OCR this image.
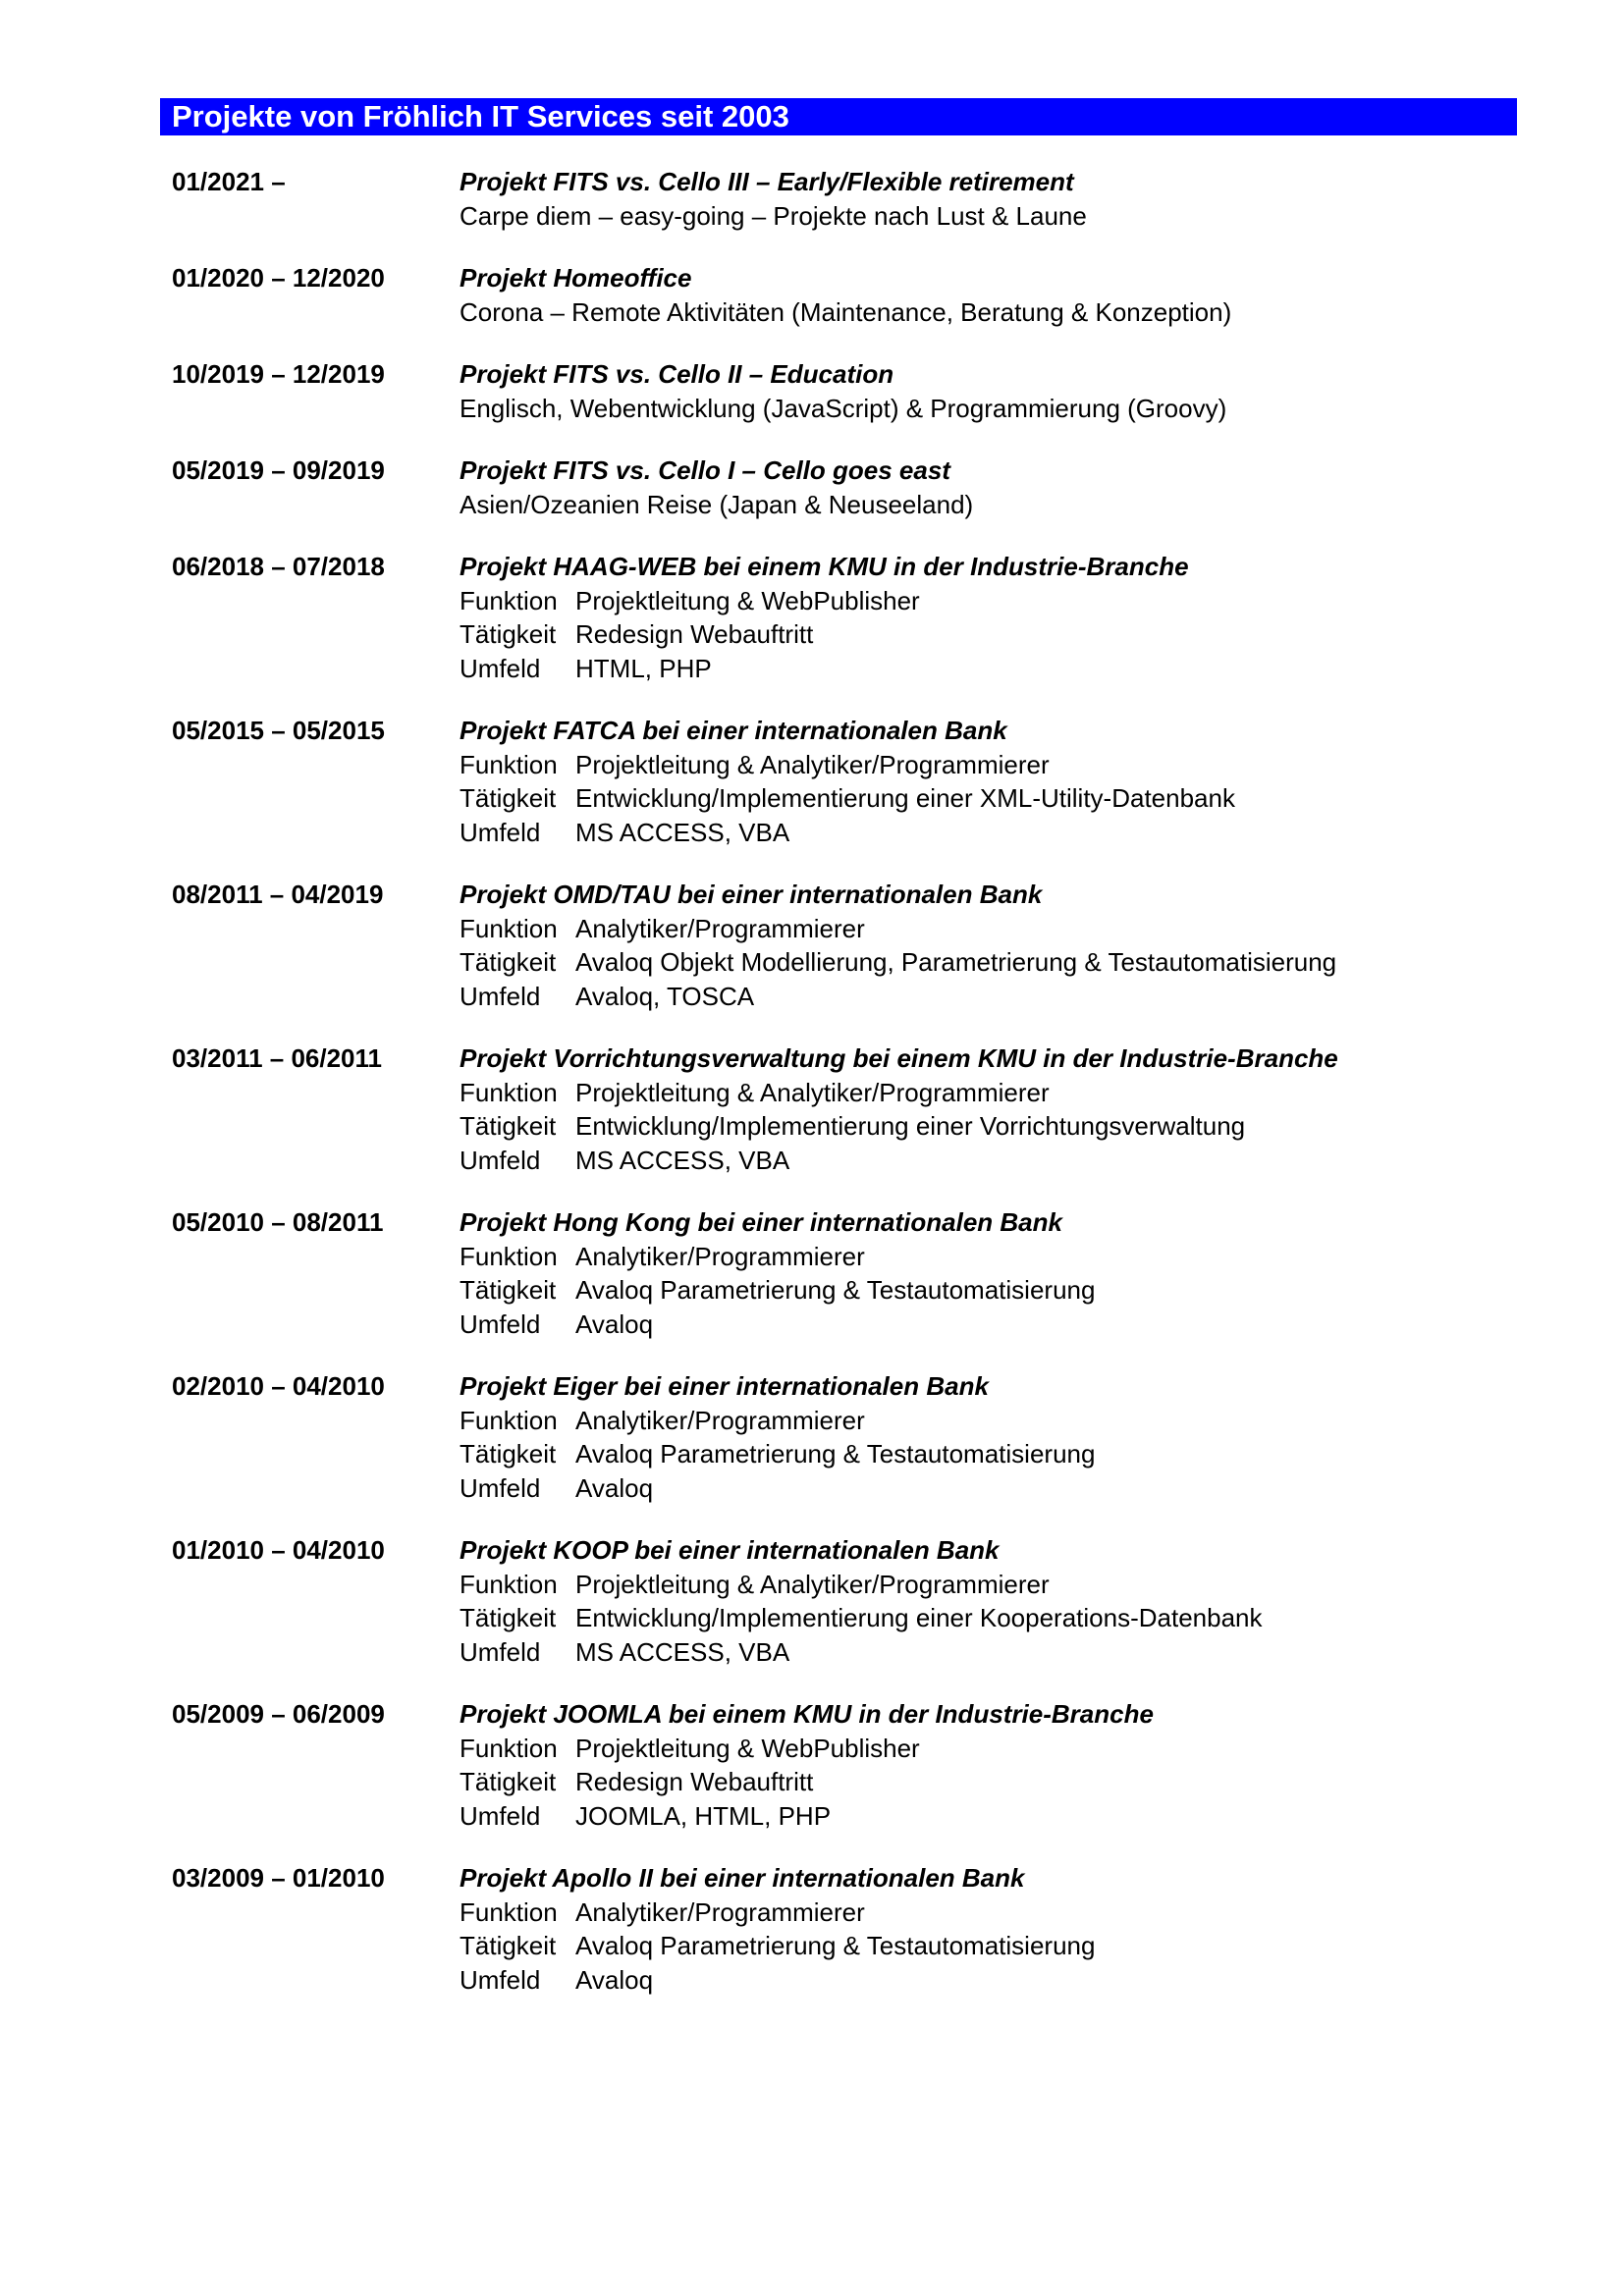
Projekte von Fröhlich IT Services seit 2003
01/2021 –	Projekt FITS vs. Cello III – Early/Flexible retirement
Carpe diem – easy-going – Projekte nach Lust & Laune
01/2020 – 12/2020	Projekt Homeoffice
Corona – Remote Aktivitäten (Maintenance, Beratung & Konzeption)
10/2019 – 12/2019	Projekt FITS vs. Cello II – Education
Englisch, Webentwicklung (JavaScript) & Programmierung (Groovy)
05/2019 – 09/2019	Projekt FITS vs. Cello I – Cello goes east
Asien/Ozeanien Reise (Japan & Neuseeland)
06/2018 – 07/2018	Projekt HAAG-WEB bei einem KMU in der Industrie-Branche
Funktion Projektleitung & WebPublisher
Tätigkeit Redesign Webauftritt
Umfeld HTML, PHP
05/2015 – 05/2015	Projekt FATCA bei einer internationalen Bank
Funktion Projektleitung & Analytiker/Programmierer
Tätigkeit Entwicklung/Implementierung einer XML-Utility-Datenbank
Umfeld MS ACCESS, VBA
08/2011 – 04/2019	Projekt OMD/TAU bei einer internationalen Bank
Funktion Analytiker/Programmierer
Tätigkeit Avaloq Objekt Modellierung, Parametrierung & Testautomatisierung
Umfeld Avaloq, TOSCA
03/2011 – 06/2011	Projekt Vorrichtungsverwaltung bei einem KMU in der Industrie-Branche
Funktion Projektleitung & Analytiker/Programmierer
Tätigkeit Entwicklung/Implementierung einer Vorrichtungsverwaltung
Umfeld MS ACCESS, VBA
05/2010 – 08/2011	Projekt Hong Kong bei einer internationalen Bank
Funktion Analytiker/Programmierer
Tätigkeit Avaloq Parametrierung & Testautomatisierung
Umfeld Avaloq
02/2010 – 04/2010	Projekt Eiger bei einer internationalen Bank
Funktion Analytiker/Programmierer
Tätigkeit Avaloq Parametrierung & Testautomatisierung
Umfeld Avaloq
01/2010 – 04/2010	Projekt KOOP bei einer internationalen Bank
Funktion Projektleitung & Analytiker/Programmierer
Tätigkeit Entwicklung/Implementierung einer Kooperations-Datenbank
Umfeld MS ACCESS, VBA
05/2009 – 06/2009	Projekt JOOMLA bei einem KMU in der Industrie-Branche
Funktion Projektleitung & WebPublisher
Tätigkeit Redesign Webauftritt
Umfeld JOOMLA, HTML, PHP
03/2009 – 01/2010	Projekt Apollo II bei einer internationalen Bank
Funktion Analytiker/Programmierer
Tätigkeit Avaloq Parametrierung & Testautomatisierung
Umfeld Avaloq
